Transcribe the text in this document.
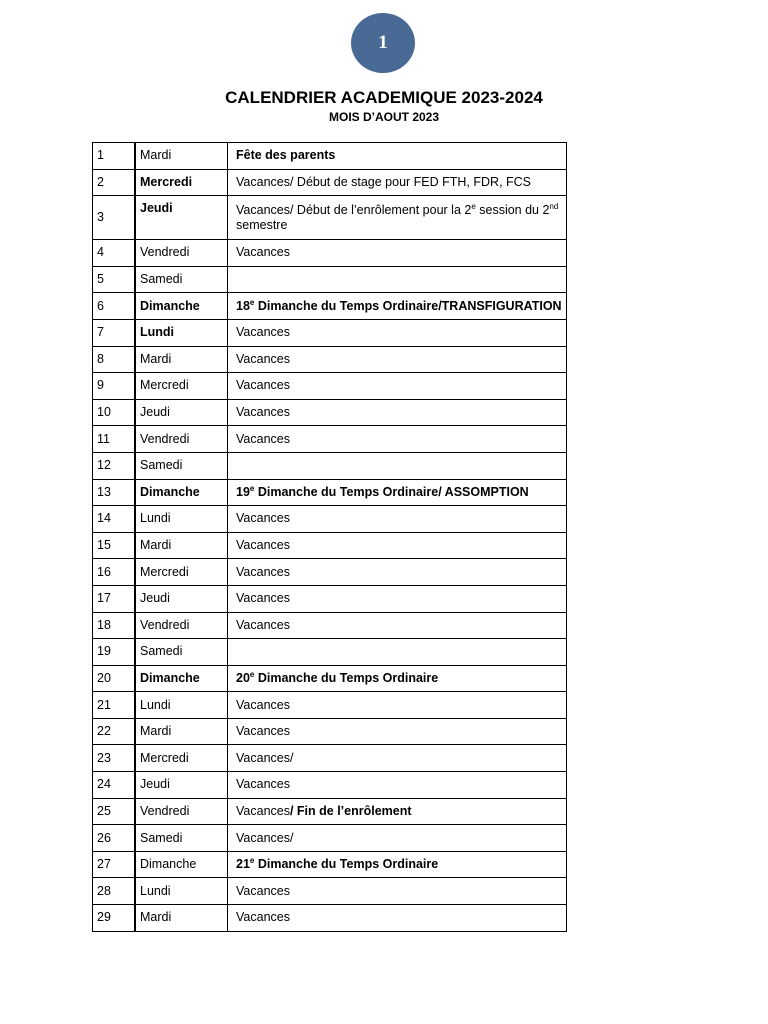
1
CALENDRIER ACADEMIQUE 2023-2024
MOIS D’AOUT 2023
1	Mardi	Fête des parents
2	Mercredi	Vacances/ Début de stage pour FED FTH, FDR, FCS
3	Jeudi	Vacances/ Début de l’enrôlement pour la 2e session du 2nd semestre
4	Vendredi	Vacances
5	Samedi	
6	Dimanche	18e Dimanche du Temps Ordinaire/TRANSFIGURATION
7	Lundi	Vacances
8	Mardi	Vacances
9	Mercredi	Vacances
10	Jeudi	Vacances
11	Vendredi	Vacances
12	Samedi	
13	Dimanche	19e Dimanche du Temps Ordinaire/ ASSOMPTION
14	Lundi	Vacances
15	Mardi	Vacances
16	Mercredi	Vacances
17	Jeudi	Vacances
18	Vendredi	Vacances
19	Samedi	
20	Dimanche	20e Dimanche du Temps Ordinaire
21	Lundi	Vacances
22	Mardi	Vacances
23	Mercredi	Vacances/
24	Jeudi	Vacances
25	Vendredi	Vacances/ Fin de l’enrôlement
26	Samedi	Vacances/
27	Dimanche	21e Dimanche du Temps Ordinaire
28	Lundi	Vacances
29	Mardi	Vacances
